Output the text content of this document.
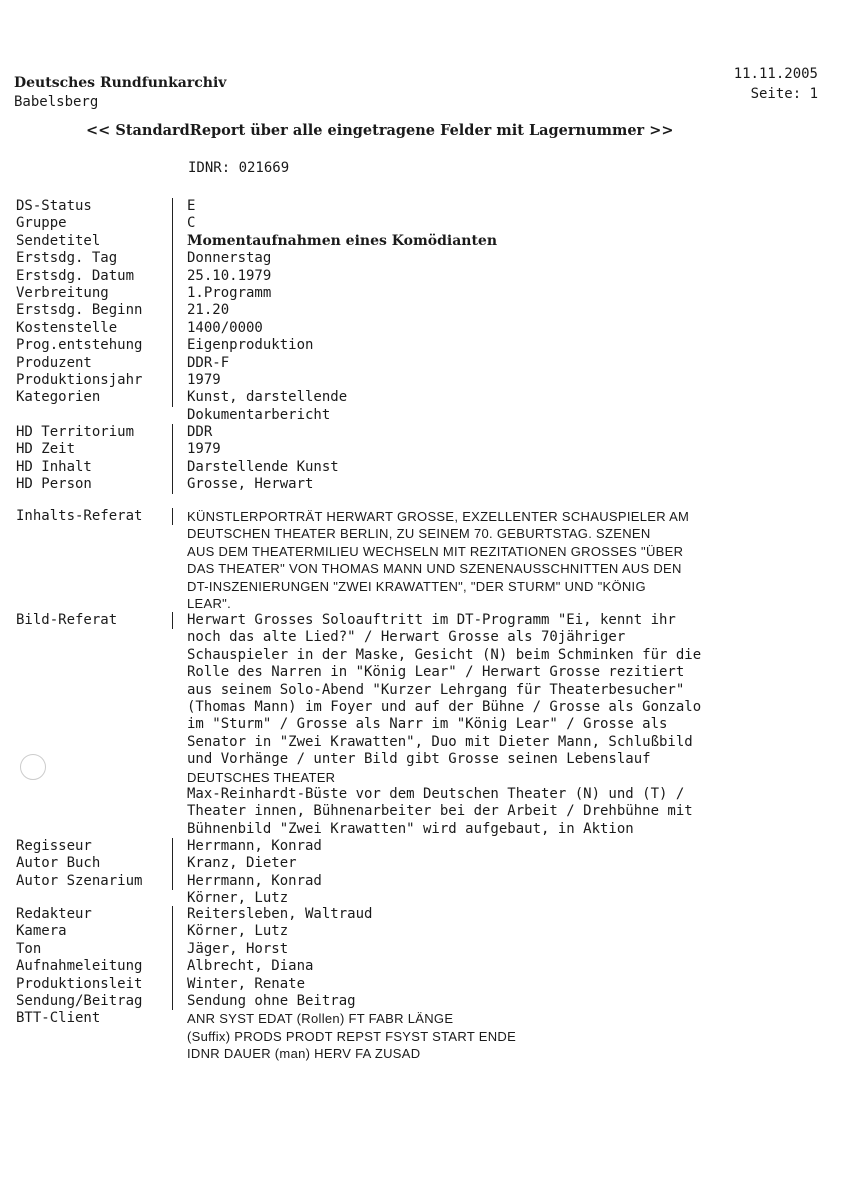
Deutsches Rundfunkarchiv
Babelsberg
11.11.2005
Seite: 1
<< StandardReport über alle eingetragene Felder mit Lagernummer >>
IDNR: 021669
DS-Status	E
Gruppe	C
Sendetitel	Momentaufnahmen eines Komödianten
Erstsdg. Tag	Donnerstag
Erstsdg. Datum	25.10.1979
Verbreitung	1.Programm
Erstsdg. Beginn	21.20
Kostenstelle	1400/0000
Prog.entstehung	Eigenproduktion
Produzent	DDR-F
Produktionsjahr	1979
Kategorien	Kunst, darstellende
Dokumentarbericht
HD Territorium	DDR
HD Zeit	1979
HD Inhalt	Darstellende Kunst
HD Person	Grosse, Herwart
Inhalts-Referat	KÜNSTLERPORTRÄT HERWART GROSSE, EXZELLENTER SCHAUSPIELER AM
DEUTSCHEN THEATER BERLIN, ZU SEINEM 70. GEBURTSTAG. SZENEN
AUS DEM THEATERMILIEU WECHSELN MIT REZITATIONEN GROSSES "ÜBER
DAS THEATER" VON THOMAS MANN UND SZENENAUSSCHNITTEN AUS DEN
DT-INSZENIERUNGEN "ZWEI KRAWATTEN", "DER STURM" UND "KÖNIG
LEAR".
Bild-Referat	Herwart Grosses Soloauftritt im DT-Programm "Ei, kennt ihr
noch das alte Lied?" / Herwart Grosse als 70jähriger
Schauspieler in der Maske, Gesicht (N) beim Schminken für die
Rolle des Narren in "König Lear" / Herwart Grosse rezitiert
aus seinem Solo-Abend "Kurzer Lehrgang für Theaterbesucher"
(Thomas Mann) im Foyer und auf der Bühne / Grosse als Gonzalo
im "Sturm" / Grosse als Narr im "König Lear" / Grosse als
Senator in "Zwei Krawatten", Duo mit Dieter Mann, Schlußbild
und Vorhänge / unter Bild gibt Grosse seinen Lebenslauf
DEUTSCHES THEATER
Max-Reinhardt-Büste vor dem Deutschen Theater (N) und (T) /
Theater innen, Bühnenarbeiter bei der Arbeit / Drehbühne mit
Bühnenbild "Zwei Krawatten" wird aufgebaut, in Aktion
Regisseur	Herrmann, Konrad
Autor Buch	Kranz, Dieter
Autor Szenarium	Herrmann, Konrad
Körner, Lutz
Redakteur	Reitersleben, Waltraud
Kamera	Körner, Lutz
Ton	Jäger, Horst
Aufnahmeleitung	Albrecht, Diana
Produktionsleit	Winter, Renate
Sendung/Beitrag	Sendung ohne Beitrag
BTT-Client	ANR SYST EDAT (Rollen) FT FABR LÄNGE
(Suffix) PRODS PRODT REPST FSYST START ENDE
IDNR DAUER (man) HERV FA ZUSAD
